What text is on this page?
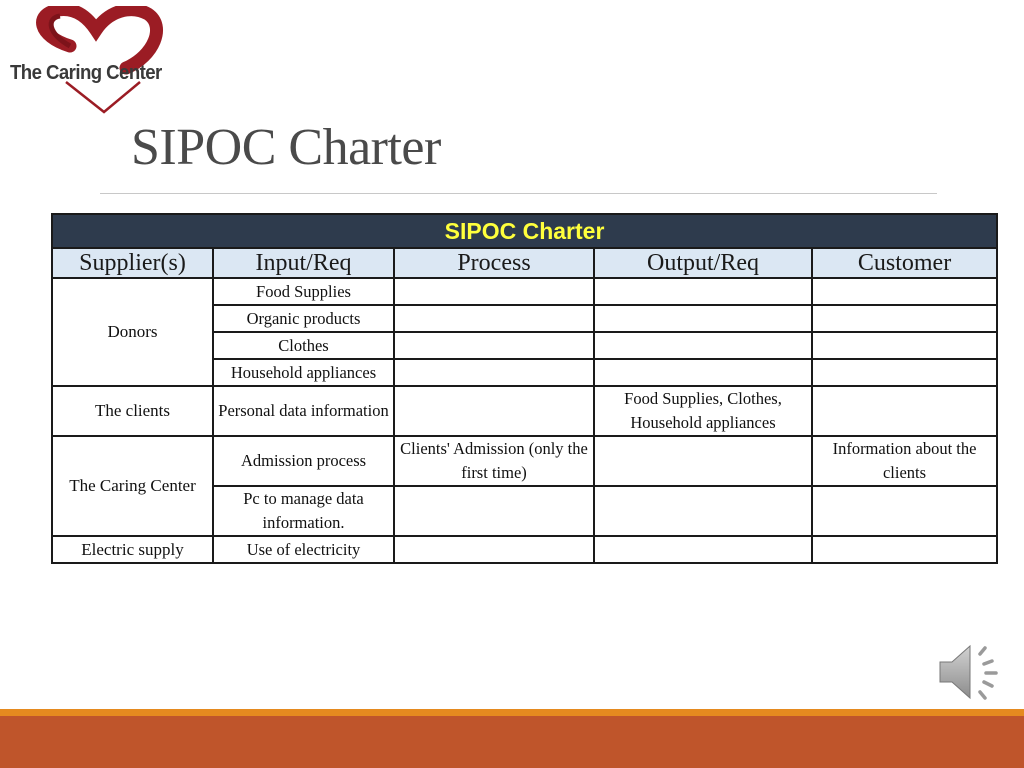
The Caring Center
SIPOC Charter
SIPOC Charter				
Supplier(s)	Input/Req	Process	Output/Req	Customer
Donors	Food Supplies			
	Organic products			
	Clothes			
	Household appliances			
The clients	Personal data information		Food Supplies, Clothes, Household appliances	
The Caring Center	Admission process	Clients' Admission (only the first time)		Information about the clients
	Pc to manage data information.			
Electric supply	Use of electricity			
